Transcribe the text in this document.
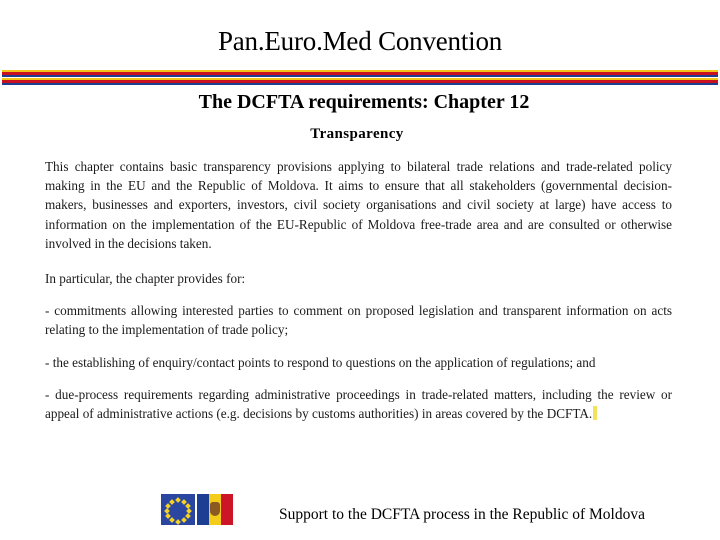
Pan.Euro.Med Convention
The DCFTA requirements: Chapter 12
Transparency

This chapter contains basic transparency provisions applying to bilateral trade relations and trade-related policy making in the EU and the Republic of Moldova. It aims to ensure that all stakeholders (governmental decision-makers, businesses and exporters, investors, civil society organisations and civil society at large) have access to information on the implementation of the EU-Republic of Moldova free-trade area and are consulted or otherwise involved in the decisions taken.

In particular, the chapter provides for:

- commitments allowing interested parties to comment on proposed legislation and transparent information on acts relating to the implementation of trade policy;

- the establishing of enquiry/contact points to respond to questions on the application of regulations; and

- due-process requirements regarding administrative proceedings in trade-related matters, including the review or appeal of administrative actions (e.g. decisions by customs authorities) in areas covered by the DCFTA.

Support to the DCFTA process in the Republic of Moldova
